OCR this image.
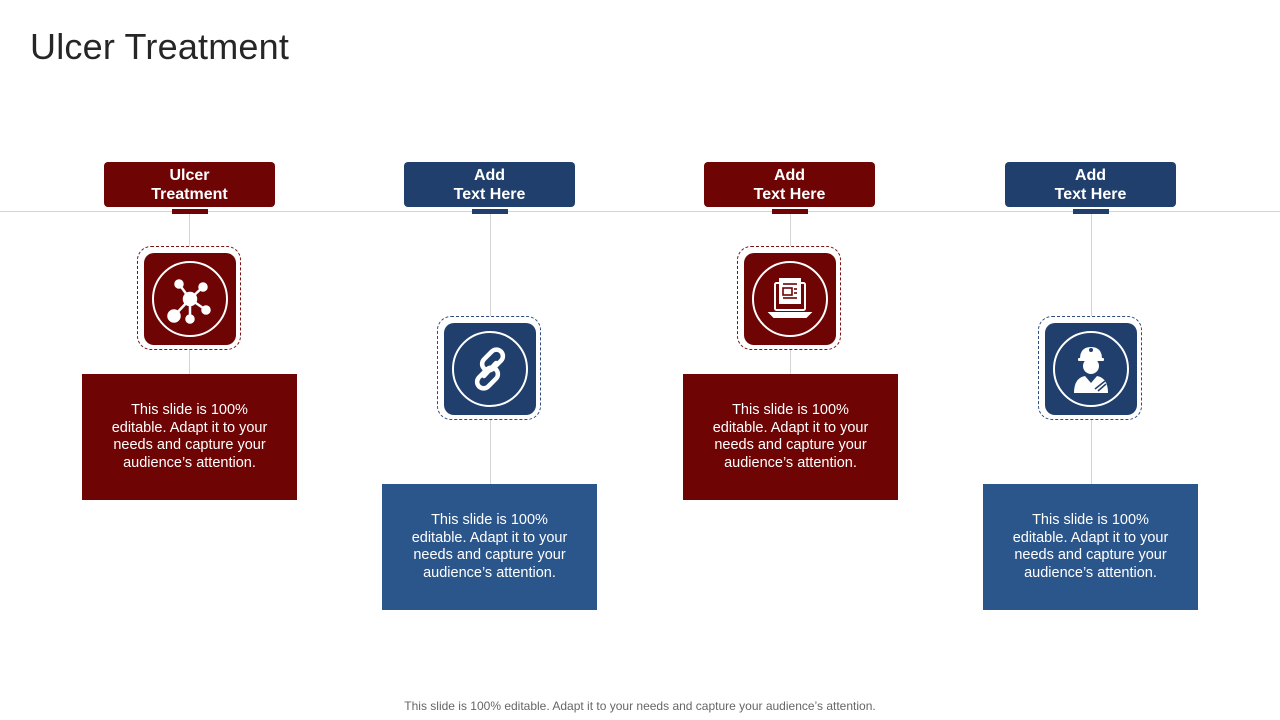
Ulcer Treatment
Ulcer
Treatment
This slide is 100% editable. Adapt it to your needs and capture your audience’s attention.
Add
Text Here
This slide is 100% editable. Adapt it to your needs and capture your audience’s attention.
Add
Text Here
This slide is 100% editable. Adapt it to your needs and capture your audience’s attention.
Add
Text Here
This slide is 100% editable. Adapt it to your needs and capture your audience’s attention.
This slide is 100% editable. Adapt it to your needs and capture your audience’s attention.
